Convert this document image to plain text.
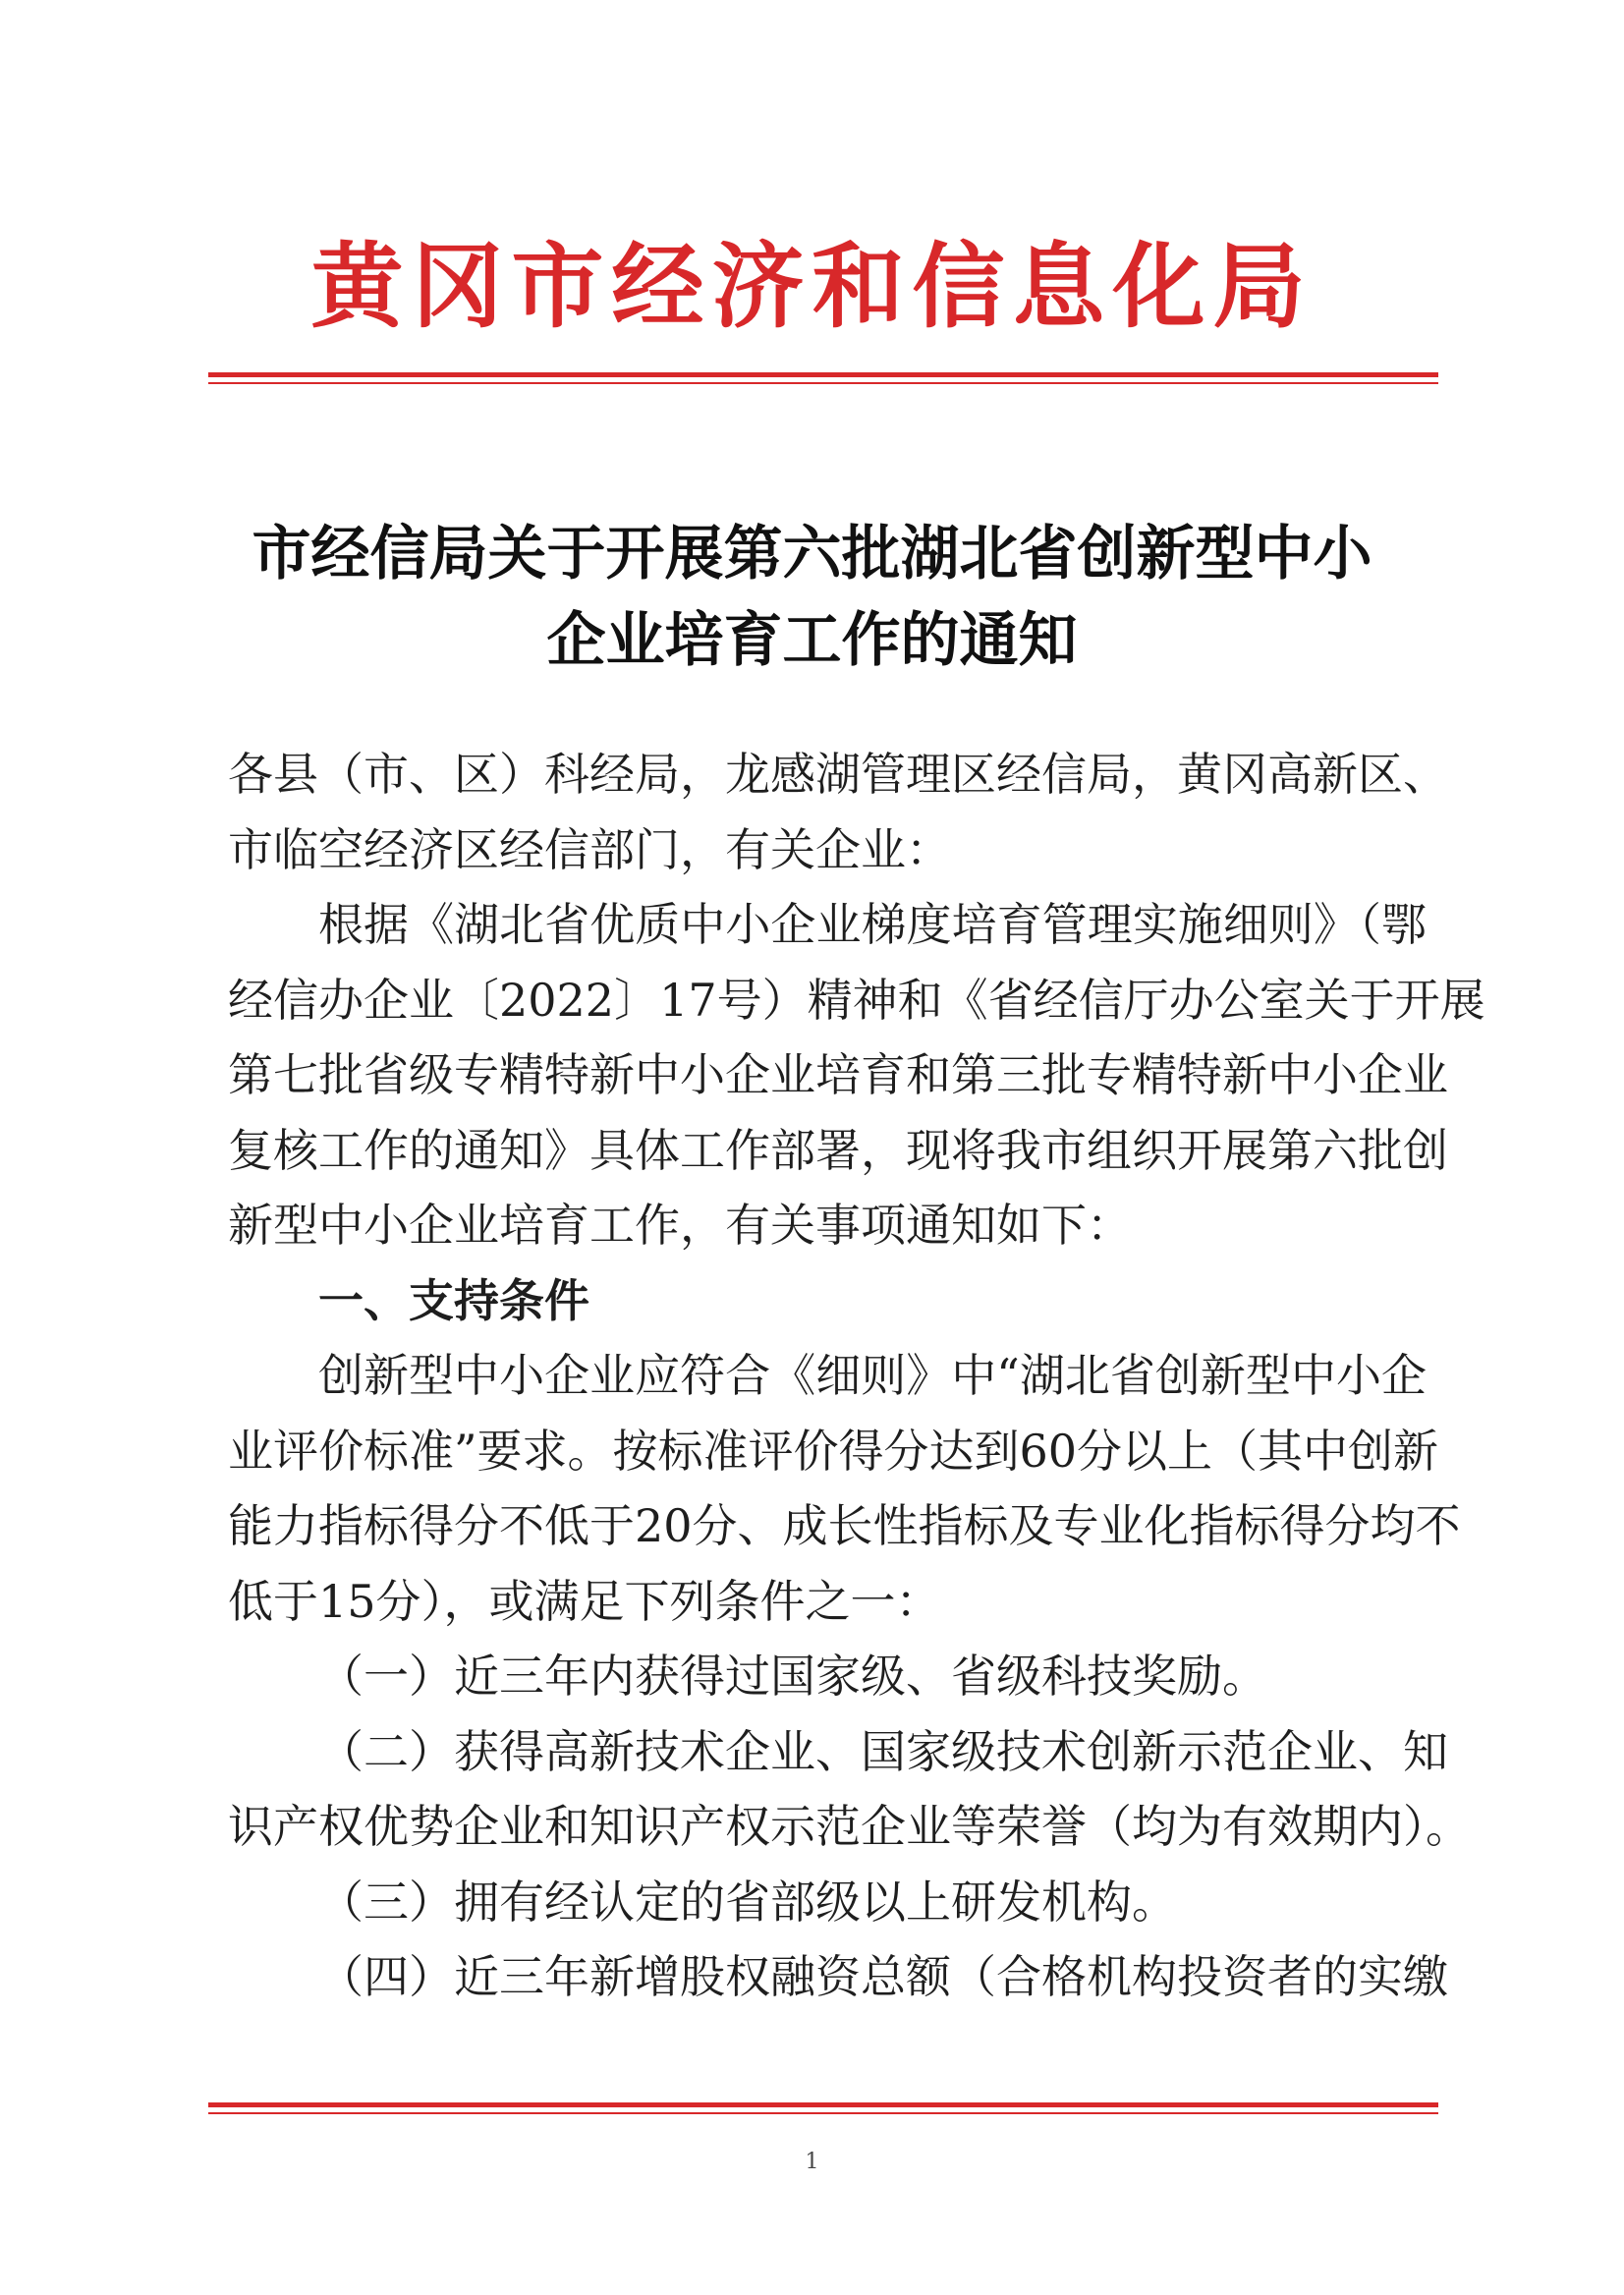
黄冈市经济和信息化局
市经信局关于开展第六批湖北省创新型中小
企业培育工作的通知
各县（市、区）科经局，龙感湖管理区经信局，黄冈高新区、
市临空经济区经信部门，有关企业：
根据《湖北省优质中小企业梯度培育管理实施细则》（鄂
经信办企业〔2022〕17号）精神和《省经信厅办公室关于开展
第七批省级专精特新中小企业培育和第三批专精特新中小企业
复核工作的通知》具体工作部署，现将我市组织开展第六批创
新型中小企业培育工作，有关事项通知如下：
一、支持条件
创新型中小企业应符合《细则》中“湖北省创新型中小企
业评价标准”要求。按标准评价得分达到60分以上（其中创新
能力指标得分不低于20分、成长性指标及专业化指标得分均不
低于15分），或满足下列条件之一：
（一）近三年内获得过国家级、省级科技奖励。
（二）获得高新技术企业、国家级技术创新示范企业、知
识产权优势企业和知识产权示范企业等荣誉（均为有效期内）。
（三）拥有经认定的省部级以上研发机构。
（四）近三年新增股权融资总额（合格机构投资者的实缴
1
